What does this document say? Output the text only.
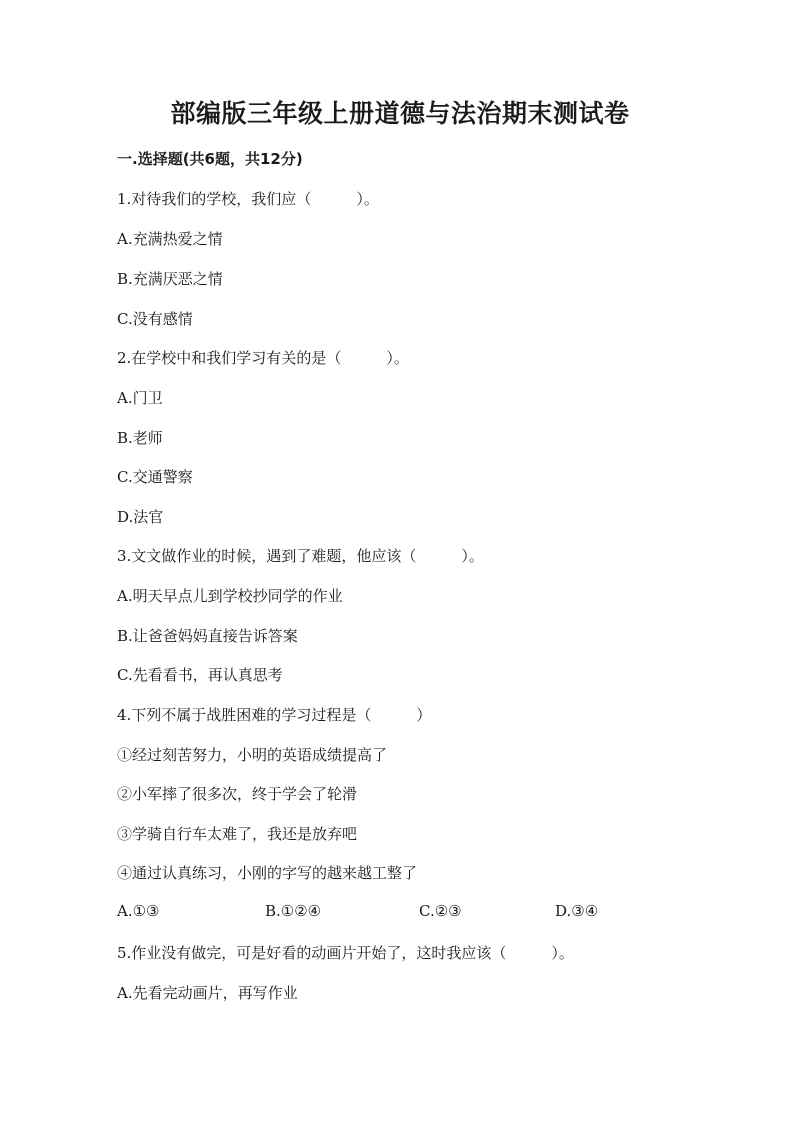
部编版三年级上册道德与法治期末测试卷
一.选择题(共6题，共12分)
1.对待我们的学校，我们应（　　　）。
A.充满热爱之情
B.充满厌恶之情
C.没有感情
2.在学校中和我们学习有关的是（　　　）。
A.门卫
B.老师
C.交通警察
D.法官
3.文文做作业的时候，遇到了难题，他应该（　　　）。
A.明天早点儿到学校抄同学的作业
B.让爸爸妈妈直接告诉答案
C.先看看书，再认真思考
4.下列不属于战胜困难的学习过程是（　　　）
①经过刻苦努力，小明的英语成绩提高了
②小军摔了很多次，终于学会了轮滑
③学骑自行车太难了，我还是放弃吧
④通过认真练习，小刚的字写的越来越工整了
A.①③	B.①②④	C.②③	D.③④
5.作业没有做完，可是好看的动画片开始了，这时我应该（　　　）。
A.先看完动画片，再写作业
